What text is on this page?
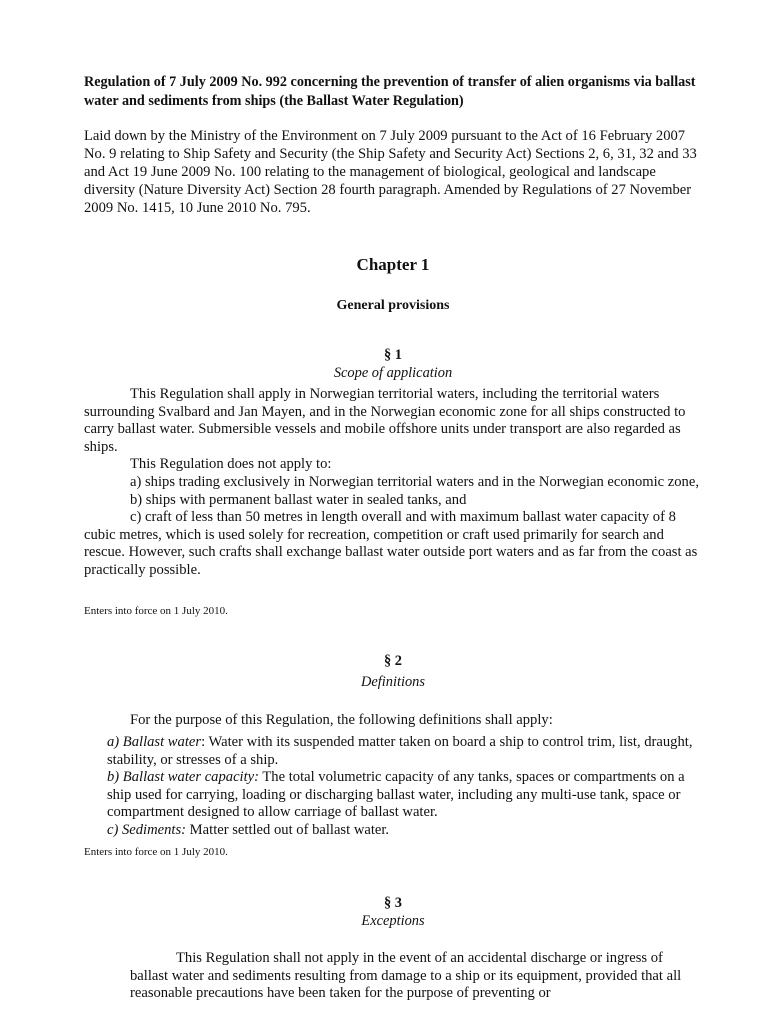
Regulation of 7 July 2009 No. 992 concerning the prevention of transfer of alien organisms via ballast water and sediments from ships (the Ballast Water Regulation)

Laid down by the Ministry of the Environment on 7 July 2009 pursuant to the Act of 16 February 2007 No. 9 relating to Ship Safety and Security (the Ship Safety and Security Act) Sections 2, 6, 31, 32 and 33 and Act 19 June 2009 No. 100 relating to the management of biological, geological and landscape diversity (Nature Diversity Act) Section 28 fourth paragraph. Amended by Regulations of 27 November 2009 No. 1415, 10 June 2010 No. 795.

Chapter 1

General provisions

§ 1

Scope of application

This Regulation shall apply in Norwegian territorial waters, including the territorial waters surrounding Svalbard and Jan Mayen, and in the Norwegian economic zone for all ships constructed to carry ballast water. Submersible vessels and mobile offshore units under transport are also regarded as ships.

This Regulation does not apply to:

a) ships trading exclusively in Norwegian territorial waters and in the Norwegian economic zone,

b) ships with permanent ballast water in sealed tanks, and

c) craft of less than 50 metres in length overall and with maximum ballast water capacity of 8 cubic metres, which is used solely for recreation, competition or craft used primarily for search and rescue. However, such crafts shall exchange ballast water outside port waters and as far from the coast as practically possible.

Enters into force on 1 July 2010.

§ 2

Definitions

For the purpose of this Regulation, the following definitions shall apply:

a) Ballast water: Water with its suspended matter taken on board a ship to control trim, list, draught, stability, or stresses of a ship.

b) Ballast water capacity: The total volumetric capacity of any tanks, spaces or compartments on a ship used for carrying, loading or discharging ballast water, including any multi-use tank, space or compartment designed to allow carriage of ballast water.

c) Sediments: Matter settled out of ballast water.

Enters into force on 1 July 2010.

§ 3

Exceptions

This Regulation shall not apply in the event of an accidental discharge or ingress of ballast water and sediments resulting from damage to a ship or its equipment, provided that all reasonable precautions have been taken for the purpose of preventing or
